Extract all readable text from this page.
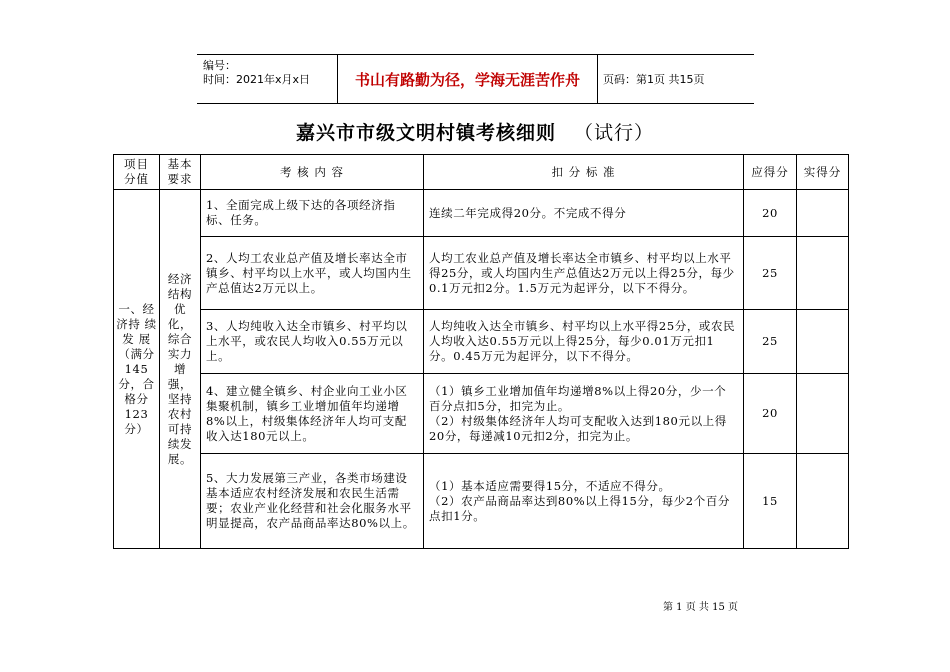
编号：
时间：2021年x月x日	书山有路勤为径，学海无涯苦作舟	页码：第1页 共15页
嘉兴市市级文明村镇考核细则 （试行）
项目分值	基本要求	考 核 内 容	扣 分 标 准	应得分	实得分
一、经 济持 续发 展（满分145分，合 格分123分）	经济结构优化，综合实力增强，坚持农村可持续发展。	1、全面完成上级下达的各项经济指标、任务。	连续二年完成得20分。不完成不得分	20	
		2、人均工农业总产值及增长率达全市镇乡、村平均以上水平，或人均国内生产总值达2万元以上。	人均工农业总产值及增长率达全市镇乡、村平均以上水平得25分，或人均国内生产总值达2万元以上得25分，每少0.1万元扣2分。1.5万元为起评分，以下不得分。	25	
		3、人均纯收入达全市镇乡、村平均以上水平，或农民人均收入0.55万元以上。	人均纯收入达全市镇乡、村平均以上水平得25分，或农民人均收入达0.55万元以上得25分，每少0.01万元扣1分。0.45万元为起评分，以下不得分。	25	
		4、建立健全镇乡、村企业向工业小区集聚机制，镇乡工业增加值年均递增8%以上，村级集体经济年人均可支配收入达180元以上。	（1）镇乡工业增加值年均递增8%以上得20分，少一个百分点扣5分，扣完为止。
（2）村级集体经济年人均可支配收入达到180元以上得20分，每递减10元扣2分，扣完为止。	20	
		5、大力发展第三产业，各类市场建设基本适应农村经济发展和农民生活需要；农业产业化经营和社会化服务水平明显提高，农产品商品率达80%以上。	（1）基本适应需要得15分，不适应不得分。
（2）农产品商品率达到80%以上得15分，每少2个百分点扣1分。	15	
第 1 页 共 15 页
